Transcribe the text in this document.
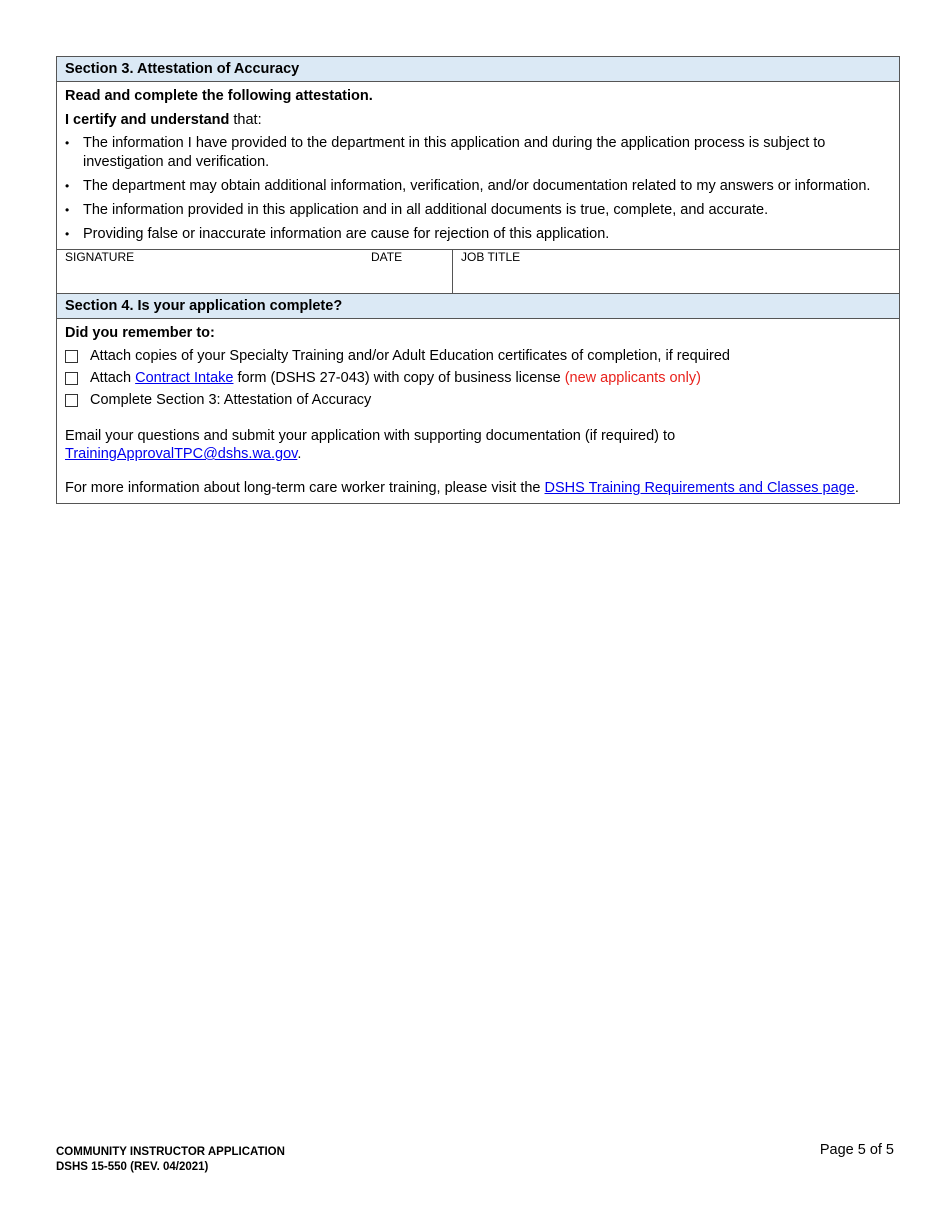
Section 3. Attestation of Accuracy
Read and complete the following attestation.
I certify and understand that:
• The information I have provided to the department in this application and during the application process is subject to investigation and verification.
• The department may obtain additional information, verification, and/or documentation related to my answers or information.
• The information provided in this application and in all additional documents is true, complete, and accurate.
• Providing false or inaccurate information are cause for rejection of this application.
SIGNATURE	DATE	JOB TITLE
Section 4. Is your application complete?
Did you remember to:
Attach copies of your Specialty Training and/or Adult Education certificates of completion, if required
Attach Contract Intake form (DSHS 27-043) with copy of business license (new applicants only)
Complete Section 3: Attestation of Accuracy
Email your questions and submit your application with supporting documentation (if required) to TrainingApprovalTPC@dshs.wa.gov.
For more information about long-term care worker training, please visit the DSHS Training Requirements and Classes page.
COMMUNITY INSTRUCTOR APPLICATION
DSHS 15-550 (REV. 04/2021)
Page 5 of 5
